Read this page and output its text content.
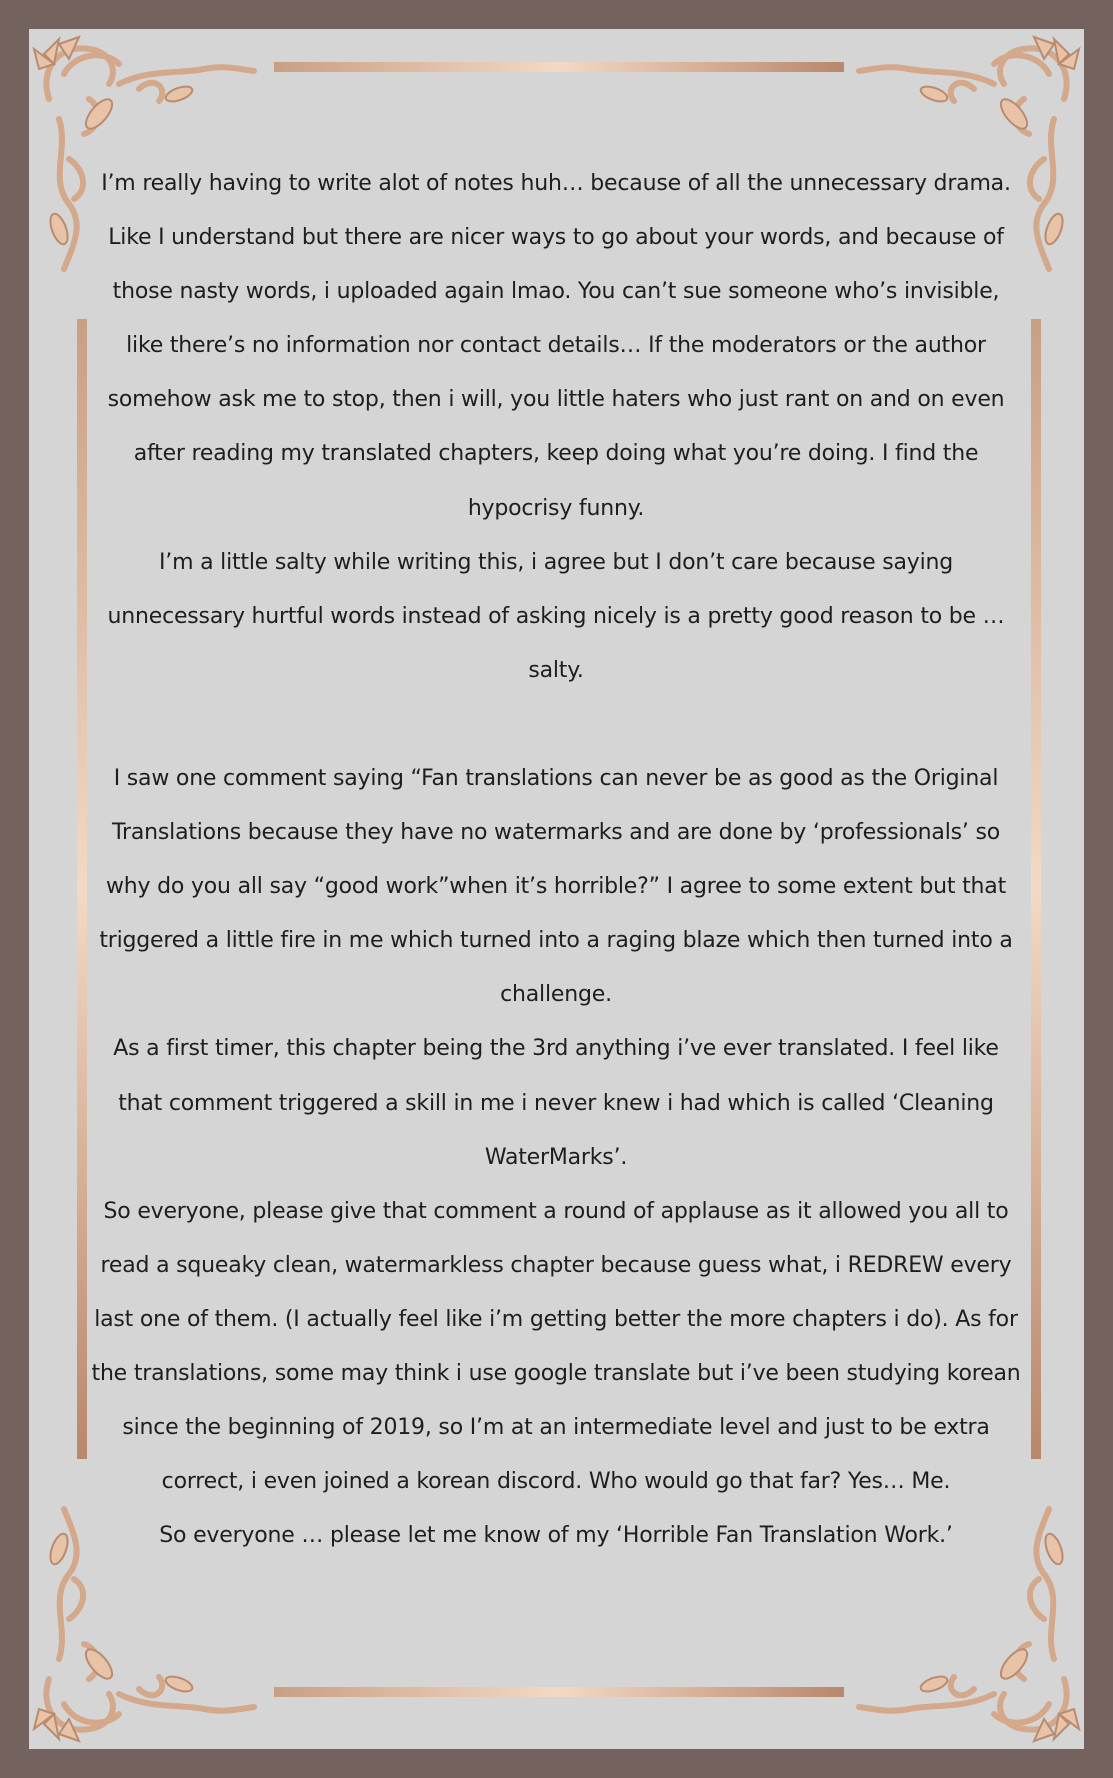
I’m really having to write alot of notes huh… because of all the unnecessary drama. Like I understand but there are nicer ways to go about your words, and because of those nasty words, i uploaded again lmao. You can’t sue someone who’s invisible, like there’s no information nor contact details… If the moderators or the author somehow ask me to stop, then i will, you little haters who just rant on and on even after reading my translated chapters, keep doing what you’re doing. I find the hypocrisy funny.

I’m a little salty while writing this, i agree but I don’t care because saying unnecessary hurtful words instead of asking nicely is a pretty good reason to be … salty.

I saw one comment saying “Fan translations can never be as good as the Original Translations because they have no watermarks and are done by ‘professionals’ so why do you all say “good work”when it’s horrible?” I agree to some extent but that triggered a little fire in me which turned into a raging blaze which then turned into a challenge.

As a first timer, this chapter being the 3rd anything i’ve ever translated. I feel like that comment triggered a skill in me i never knew i had which is called ‘Cleaning WaterMarks’.

So everyone, please give that comment a round of applause as it allowed you all to read a squeaky clean, watermarkless chapter because guess what, i REDREW every last one of them. (I actually feel like i’m getting better the more chapters i do). As for the translations, some may think i use google translate but i’ve been studying korean since the beginning of 2019, so I’m at an intermediate level and just to be extra correct, i even joined a korean discord. Who would go that far? Yes… Me.

So everyone … please let me know of my ‘Horrible Fan Translation Work.’
